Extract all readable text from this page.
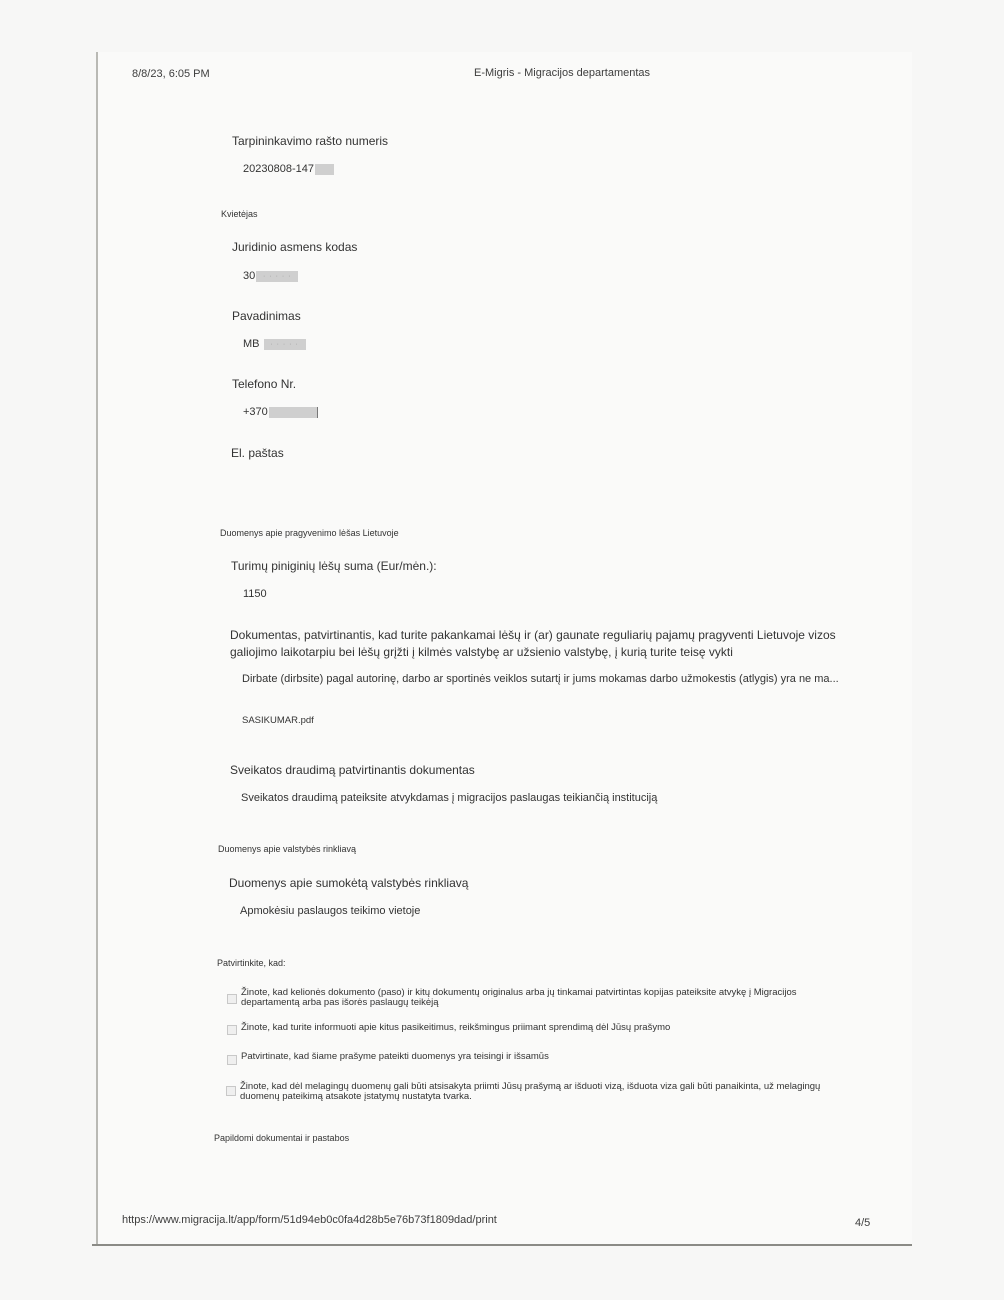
8/8/23, 6:05 PM	E-Migris - Migracijos departamentas
Tarpininkavimo rašto numeris
20230808-147
Kvietėjas
Juridinio asmens kodas
30 · · · · ·
Pavadinimas
MB · · · · ·
Telefono Nr.
+370
El. paštas
Duomenys apie pragyvenimo lėšas Lietuvoje
Turimų piniginių lėšų suma (Eur/mėn.):
1150
Dokumentas, patvirtinantis, kad turite pakankamai lėšų ir (ar) gaunate reguliarių pajamų pragyventi Lietuvoje vizos galiojimo laikotarpiu bei lėšų grįžti į kilmės valstybę ar užsienio valstybę, į kurią turite teisę vykti
Dirbate (dirbsite) pagal autorinę, darbo ar sportinės veiklos sutartį ir jums mokamas darbo užmokestis (atlygis) yra ne ma...
SASIKUMAR.pdf
Sveikatos draudimą patvirtinantis dokumentas
Sveikatos draudimą pateiksite atvykdamas į migracijos paslaugas teikiančią instituciją
Duomenys apie valstybės rinkliavą
Duomenys apie sumokėtą valstybės rinkliavą
Apmokėsiu paslaugos teikimo vietoje
Patvirtinkite, kad:
Žinote, kad kelionės dokumento (paso) ir kitų dokumentų originalus arba jų tinkamai patvirtintas kopijas pateiksite atvykę į Migracijos departamentą arba pas išorės paslaugų teikėją
Žinote, kad turite informuoti apie kitus pasikeitimus, reikšmingus priimant sprendimą dėl Jūsų prašymo
Patvirtinate, kad šiame prašyme pateikti duomenys yra teisingi ir išsamūs
Žinote, kad dėl melagingų duomenų gali būti atsisakyta priimti Jūsų prašymą ar išduoti vizą, išduota viza gali būti panaikinta, už melagingų duomenų pateikimą atsakote įstatymų nustatyta tvarka.
Papildomi dokumentai ir pastabos
https://www.migracija.lt/app/form/51d94eb0c0fa4d28b5e76b73f1809dad/print	4/5
